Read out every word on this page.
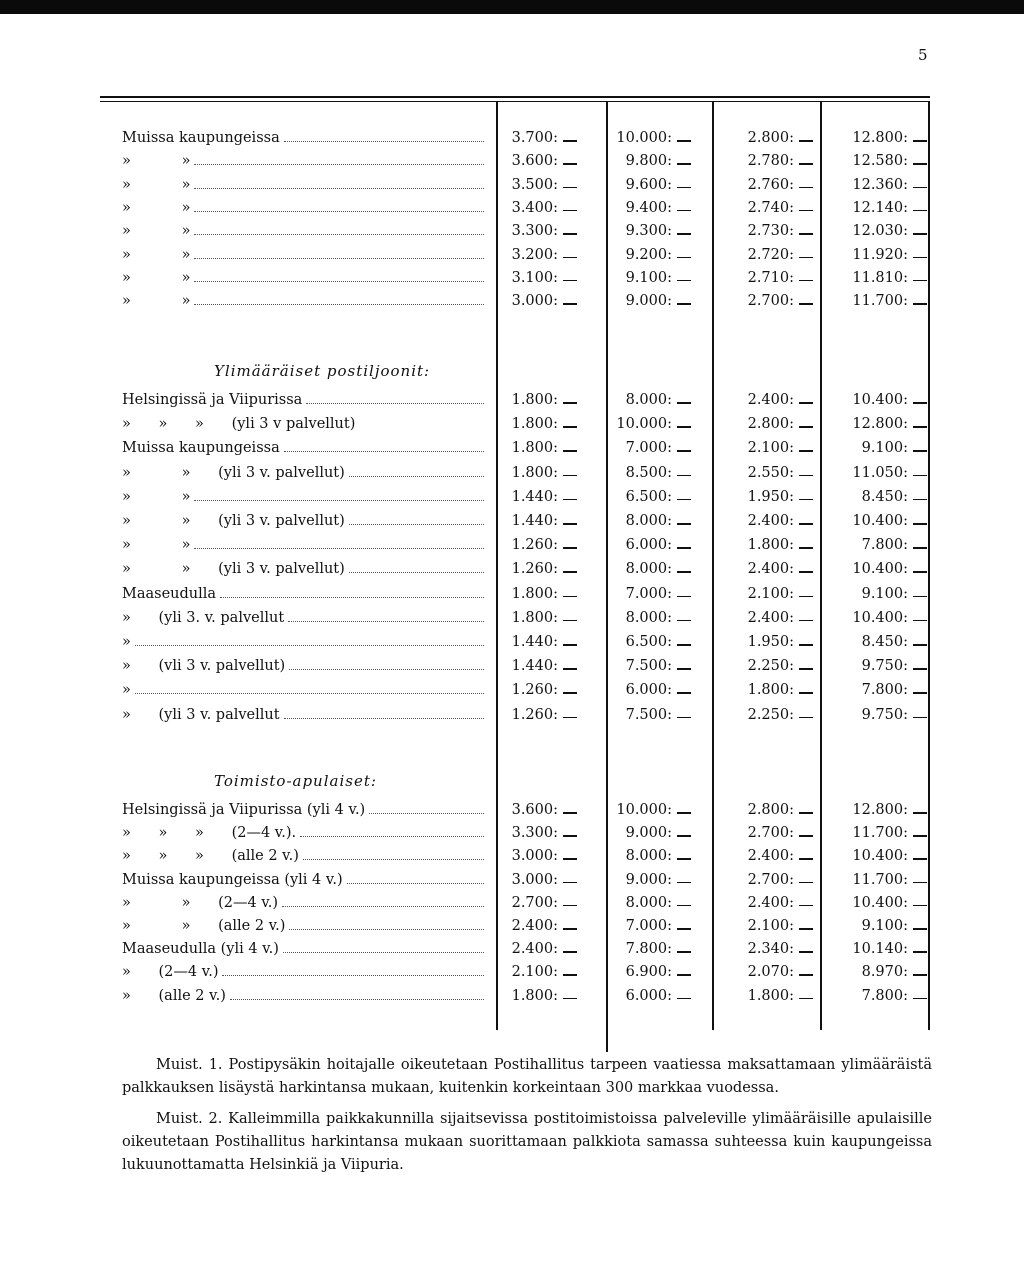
5
Muissa kaupungeissa	3.700:	10.000:	2.800:	12.800:
»           »	3.600:	9.800:	2.780:	12.580:
»           »	3.500:	9.600:	2.760:	12.360:
»           »	3.400:	9.400:	2.740:	12.140:
»           »	3.300:	9.300:	2.730:	12.030:
»           »	3.200:	9.200:	2.720:	11.920:
»           »	3.100:	9.100:	2.710:	11.810:
»           »	3.000:	9.000:	2.700:	11.700:
Helsingissä ja Viipurissa	1.800:	8.000:	2.400:	10.400:
»      »      »      (yli 3 v palvellut)	1.800:	10.000:	2.800:	12.800:
Muissa kaupungeissa	1.800:	7.000:	2.100:	9.100:
»           »      (yli 3 v. palvellut)	1.800:	8.500:	2.550:	11.050:
»           »	1.440:	6.500:	1.950:	8.450:
»           »      (yli 3 v. palvellut)	1.440:	8.000:	2.400:	10.400:
»           »	1.260:	6.000:	1.800:	7.800:
»           »      (yli 3 v. palvellut)	1.260:	8.000:	2.400:	10.400:
Maaseudulla	1.800:	7.000:	2.100:	9.100:
»      (yli 3. v. palvellut	1.800:	8.000:	2.400:	10.400:
»	1.440:	6.500:	1.950:	8.450:
»      (vli 3 v. palvellut)	1.440:	7.500:	2.250:	9.750:
»	1.260:	6.000:	1.800:	7.800:
»      (yli 3 v. palvellut	1.260:	7.500:	2.250:	9.750:
Helsingissä ja Viipurissa (yli 4 v.)	3.600:	10.000:	2.800:	12.800:
»      »      »      (2—4 v.).	3.300:	9.000:	2.700:	11.700:
»      »      »      (alle 2 v.)	3.000:	8.000:	2.400:	10.400:
Muissa kaupungeissa (yli 4 v.)	3.000:	9.000:	2.700:	11.700:
»           »      (2—4 v.)	2.700:	8.000:	2.400:	10.400:
»           »      (alle 2 v.)	2.400:	7.000:	2.100:	9.100:
Maaseudulla (yli 4 v.)	2.400:	7.800:	2.340:	10.140:
»      (2—4 v.)	2.100:	6.900:	2.070:	8.970:
»      (alle 2 v.)	1.800:	6.000:	1.800:	7.800:
Ylimääräiset postiljoonit:
Toimisto-apulaiset:

Muist. 1. Postipysäkin hoitajalle oikeutetaan Postihallitus tarpeen vaatiessa maksattamaan ylimääräistä palkkauksen lisäystä harkintansa mukaan, kuitenkin korkeintaan 300 markkaa vuodessa.

Muist. 2. Kalleimmilla paikkakunnilla sijaitsevissa postitoimistoissa palveleville ylimääräisille apulaisille oikeutetaan Postihallitus harkintansa mukaan suorittamaan palkkiota samassa suhteessa kuin kaupungeissa lukuunottamatta Helsinkiä ja Viipuria.
